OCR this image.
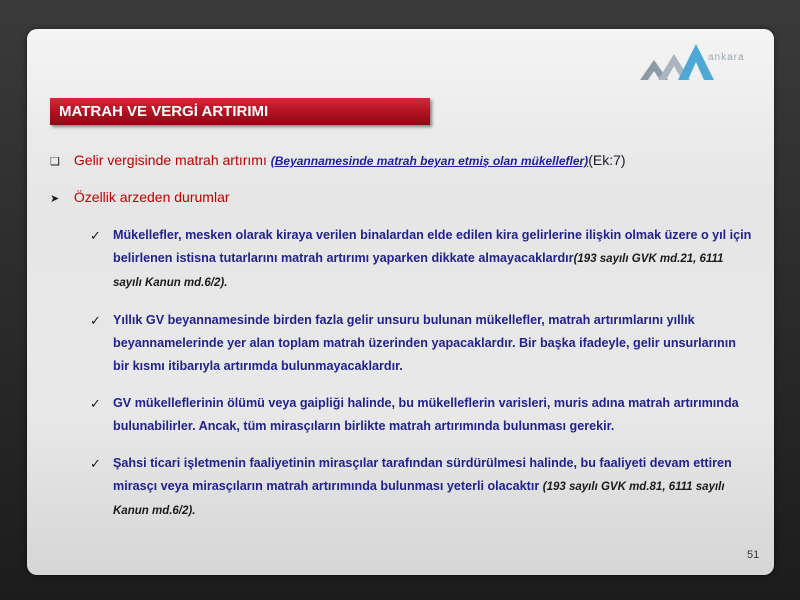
ankara
MATRAH VE VERGİ ARTIRIMI
❑ Gelir vergisinde matrah artırımı (Beyannamesinde matrah beyan etmiş olan mükellefler)(Ek:7)
➤ Özellik arzeden durumlar
✓ Mükellefler, mesken olarak kiraya verilen binalardan elde edilen kira gelirlerine ilişkin olmak üzere o yıl için belirlenen istisna tutarlarını matrah artırımı yaparken dikkate almayacaklardır(193 sayılı GVK md.21, 6111 sayılı Kanun md.6/2).
✓ Yıllık GV beyannamesinde birden fazla gelir unsuru bulunan mükellefler, matrah artırımlarını yıllık beyannamelerinde yer alan toplam matrah üzerinden yapacaklardır. Bir başka ifadeyle, gelir unsurlarının bir kısmı itibarıyla artırımda bulunmayacaklardır.
✓ GV mükelleflerinin ölümü veya gaipliği halinde, bu mükelleflerin varisleri, muris adına matrah artırımında bulunabilirler. Ancak, tüm mirasçıların birlikte matrah artırımında bulunması gerekir.
✓ Şahsi ticari işletmenin faaliyetinin mirasçılar tarafından sürdürülmesi halinde, bu faaliyeti devam ettiren mirasçı veya mirasçıların matrah artırımında bulunması yeterli olacaktır (193 sayılı GVK md.81, 6111 sayılı Kanun md.6/2).
51
